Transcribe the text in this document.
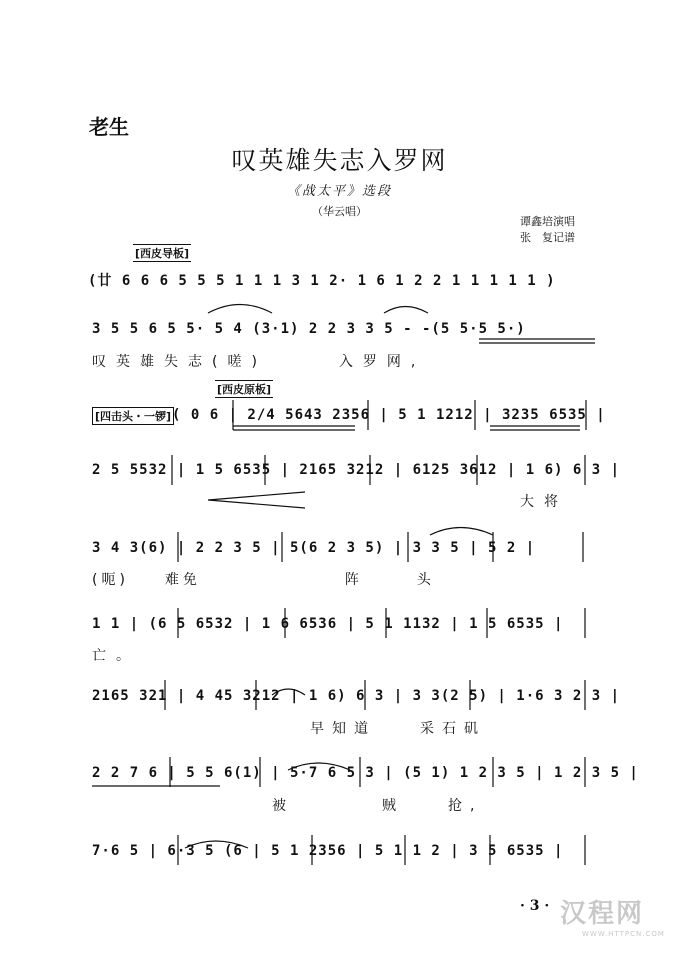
老生
叹英雄失志入罗网
《战太平》选段
（华云唱）
谭鑫培演唱
张　复记谱
[西皮导板]
[西皮原板]
[四击头・一锣]
(廿 6 6 6 5 5 5 1 1 1 3 1 2· 1 6 1 2 2 1 1 1 1 1 )
3 5 5 6 5 5· 5 4 (3·1) 2 2 3 3 5 - -(5 5·5 5·)
叹英雄失志(嗟)　　　入罗网,
( 0 6 | 2/4 5643 2356 | 5 1 1212 | 3235 6535 |
2 5 5532 | 1 5 6535 | 2165 3212 | 6125 3612 | 1 6) 6 3 |
大将
3 4 3(6) | 2 2 3 5 | 5(6 2 3 5) | 3 3 5 | 5 2 |
(呃)　　难免　　　　　　　　阵　　　头
1 1 | (6 5 6532 | 1 6 6536 | 5 1 1132 | 1 5 6535 |
亡。
2165 321 | 4 45 3212 | 1 6) 6 3 | 3 3(2 5) | 1·6 3 2 3 |
早知道　　采石矶
2 2 7 6 | 5 5 6(1) | 5·7 6 5 3 | (5 1) 1 2 3 5 | 1 2 3 5 |
被　　　　贼　　抢,
7·6 5 | 6·3 5 (6 | 5 1 2356 | 5 1 1 2 | 3 5 6535 |
· 3 · 汉程网
WWW.HTTPCN.COM
